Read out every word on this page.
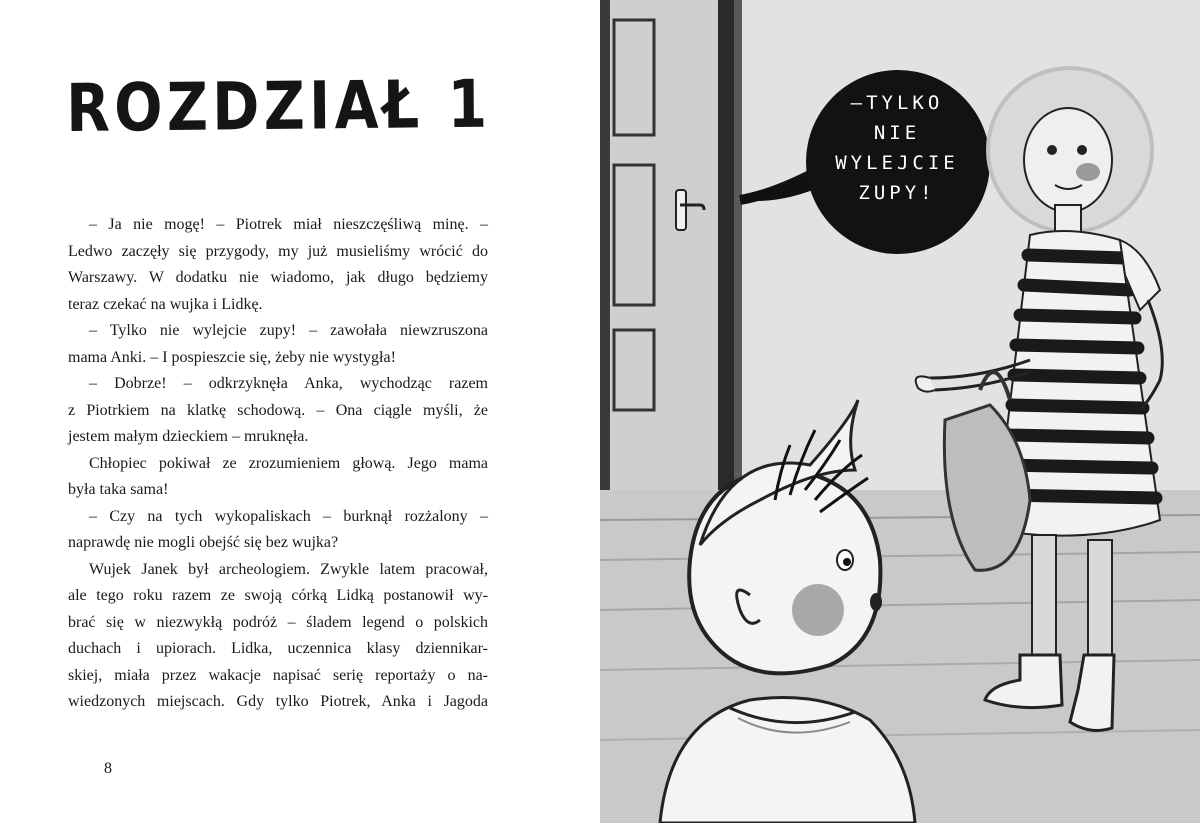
ROZDZIAŁ 1
– Ja nie mogę! – Piotrek miał nieszczęśliwą minę. –
Ledwo zaczęły się przygody, my już musieliśmy wrócić do
Warszawy. W dodatku nie wiadomo, jak długo będziemy
teraz czekać na wujka i Lidkę.
– Tylko nie wylejcie zupy! – zawołała niewzruszona
mama Anki. – I pospieszcie się, żeby nie wystygła!
– Dobrze! – odkrzyknęła Anka, wychodząc razem
z Piotrkiem na klatkę schodową. – Ona ciągle myśli, że
jestem małym dzieckiem – mruknęła.
Chłopiec pokiwał ze zrozumieniem głową. Jego mama
była taka sama!
– Czy na tych wykopaliskach – burknął rozżalony –
naprawdę nie mogli obejść się bez wujka?
Wujek Janek był archeologiem. Zwykle latem pracował,
ale tego roku razem ze swoją córką Lidką postanowił wy-
brać się w niezwykłą podróż – śladem legend o polskich
duchach i upiorach. Lidka, uczennica klasy dziennikar-
skiej, miała przez wakacje napisać serię reportaży o na-
wiedzonych miejscach. Gdy tylko Piotrek, Anka i Jagoda
8
–TYLKO
NIE
WYLEJCIE
ZUPY!
